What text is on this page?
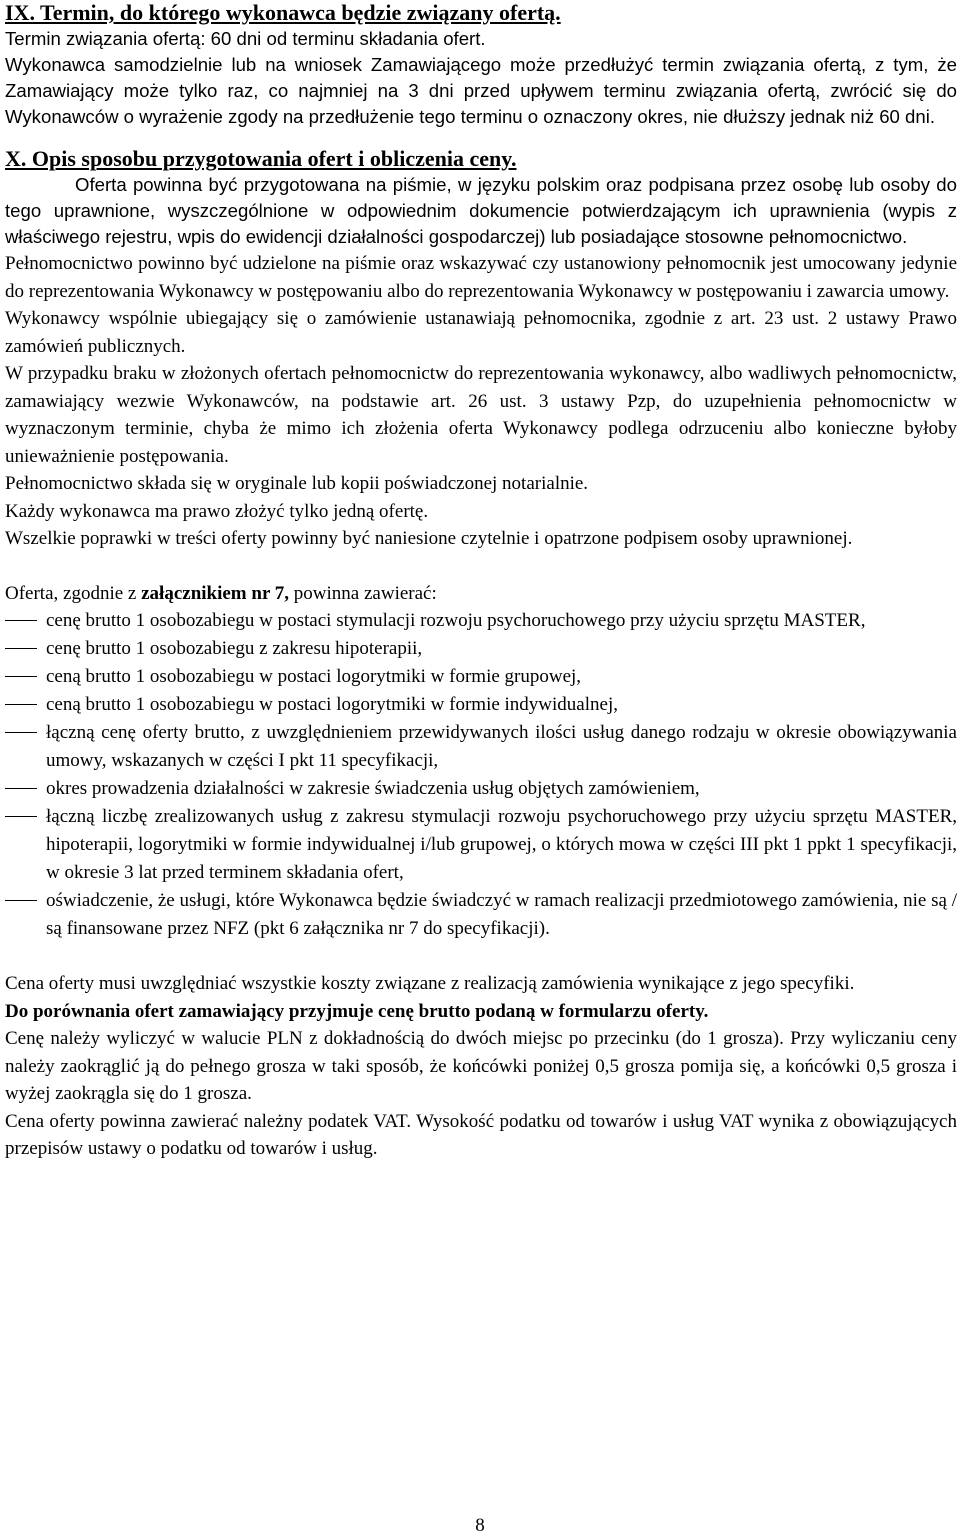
IX. Termin, do którego wykonawca będzie związany ofertą.

Termin związania ofertą: 60 dni od terminu składania ofert.

Wykonawca samodzielnie lub na wniosek Zamawiającego może przedłużyć termin związania ofertą, z tym, że Zamawiający może tylko raz, co najmniej na 3 dni przed upływem terminu związania ofertą, zwrócić się do Wykonawców o wyrażenie zgody na przedłużenie tego terminu o oznaczony okres, nie dłuższy jednak niż 60 dni.

X. Opis sposobu przygotowania ofert i obliczenia ceny.

Oferta powinna być przygotowana na piśmie, w języku polskim oraz podpisana przez osobę lub osoby do tego uprawnione, wyszczególnione w odpowiednim dokumencie potwierdzającym ich uprawnienia (wypis z właściwego rejestru, wpis do ewidencji działalności gospodarczej) lub posiadające stosowne pełnomocnictwo.

Pełnomocnictwo powinno być udzielone na piśmie oraz wskazywać czy ustanowiony pełnomocnik jest umocowany jedynie do reprezentowania Wykonawcy w postępowaniu albo do reprezentowania Wykonawcy w postępowaniu i zawarcia umowy.

Wykonawcy wspólnie ubiegający się o zamówienie ustanawiają pełnomocnika, zgodnie z art. 23 ust. 2 ustawy Prawo zamówień publicznych.

W przypadku braku w złożonych ofertach pełnomocnictw do reprezentowania wykonawcy, albo wadliwych pełnomocnictw, zamawiający wezwie Wykonawców, na podstawie art. 26 ust. 3 ustawy Pzp, do uzupełnienia pełnomocnictw w wyznaczonym terminie, chyba że mimo ich złożenia oferta Wykonawcy podlega odrzuceniu albo konieczne byłoby unieważnienie postępowania.

Pełnomocnictwo składa się w oryginale lub kopii poświadczonej notarialnie.

Każdy wykonawca ma prawo złożyć tylko jedną ofertę.

Wszelkie poprawki w treści oferty powinny być naniesione czytelnie i opatrzone podpisem osoby uprawnionej.

Oferta, zgodnie z załącznikiem nr 7, powinna zawierać:

cenę brutto 1 osobozabiegu w postaci stymulacji rozwoju psychoruchowego przy użyciu sprzętu MASTER,
cenę brutto 1 osobozabiegu z zakresu hipoterapii,
ceną brutto 1 osobozabiegu w postaci logorytmiki w formie grupowej,
ceną brutto 1 osobozabiegu w postaci logorytmiki w formie indywidualnej,
łączną cenę oferty brutto, z uwzględnieniem przewidywanych ilości usług danego rodzaju w okresie obowiązywania umowy, wskazanych w części I pkt 11 specyfikacji,
okres prowadzenia działalności w zakresie świadczenia usług objętych zamówieniem,
łączną liczbę zrealizowanych usług z zakresu stymulacji rozwoju psychoruchowego przy użyciu sprzętu MASTER, hipoterapii, logorytmiki w formie indywidualnej i/lub grupowej, o których mowa w części III pkt 1 ppkt 1 specyfikacji, w okresie 3 lat przed terminem składania ofert,
oświadczenie, że usługi, które Wykonawca będzie świadczyć w ramach realizacji przedmiotowego zamówienia, nie są / są finansowane przez NFZ (pkt 6 załącznika nr 7 do specyfikacji).

Cena oferty musi uwzględniać wszystkie koszty związane z realizacją zamówienia wynikające z jego specyfiki.

Do porównania ofert zamawiający przyjmuje cenę brutto podaną w formularzu oferty.

Cenę należy wyliczyć w walucie PLN z dokładnością do dwóch miejsc po przecinku (do 1 grosza). Przy wyliczaniu ceny należy zaokrąglić ją do pełnego grosza w taki sposób, że końcówki poniżej 0,5 grosza pomija się, a końcówki 0,5 grosza i wyżej zaokrągla się do 1 grosza.

Cena oferty powinna zawierać należny podatek VAT. Wysokość podatku od towarów i usług VAT wynika z obowiązujących przepisów ustawy o podatku od towarów i usług.

8
